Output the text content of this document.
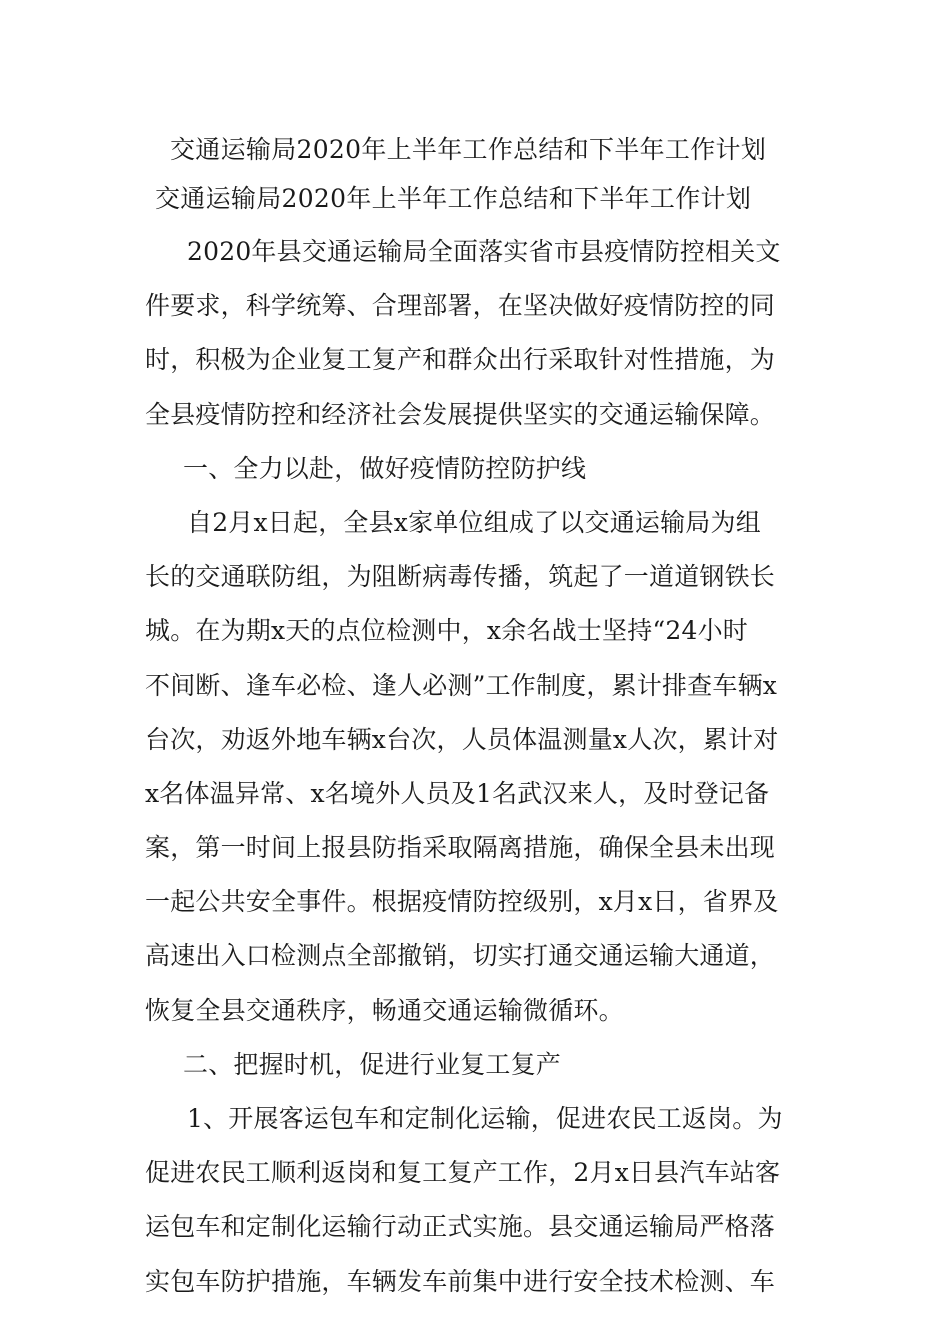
交通运输局2020年上半年工作总结和下半年工作计划
交通运输局2020年上半年工作总结和下半年工作计划
2020年县交通运输局全面落实省市县疫情防控相关文
件要求，科学统筹、合理部署，在坚决做好疫情防控的同
时，积极为企业复工复产和群众出行采取针对性措施，为
全县疫情防控和经济社会发展提供坚实的交通运输保障。
一、全力以赴，做好疫情防控防护线
自2月x日起，全县x家单位组成了以交通运输局为组
长的交通联防组，为阻断病毒传播，筑起了一道道钢铁长
城。在为期x天的点位检测中，x余名战士坚持“24小时
不间断、逢车必检、逢人必测”工作制度，累计排查车辆x
台次，劝返外地车辆x台次，人员体温测量x人次，累计对
x名体温异常、x名境外人员及1名武汉来人，及时登记备
案，第一时间上报县防指采取隔离措施，确保全县未出现
一起公共安全事件。根据疫情防控级别，x月x日，省界及
高速出入口检测点全部撤销，切实打通交通运输大通道，
恢复全县交通秩序，畅通交通运输微循环。
二、把握时机，促进行业复工复产
1、开展客运包车和定制化运输，促进农民工返岗。为
促进农民工顺利返岗和复工复产工作，2月x日县汽车站客
运包车和定制化运输行动正式实施。县交通运输局严格落
实包车防护措施，车辆发车前集中进行安全技术检测、车
